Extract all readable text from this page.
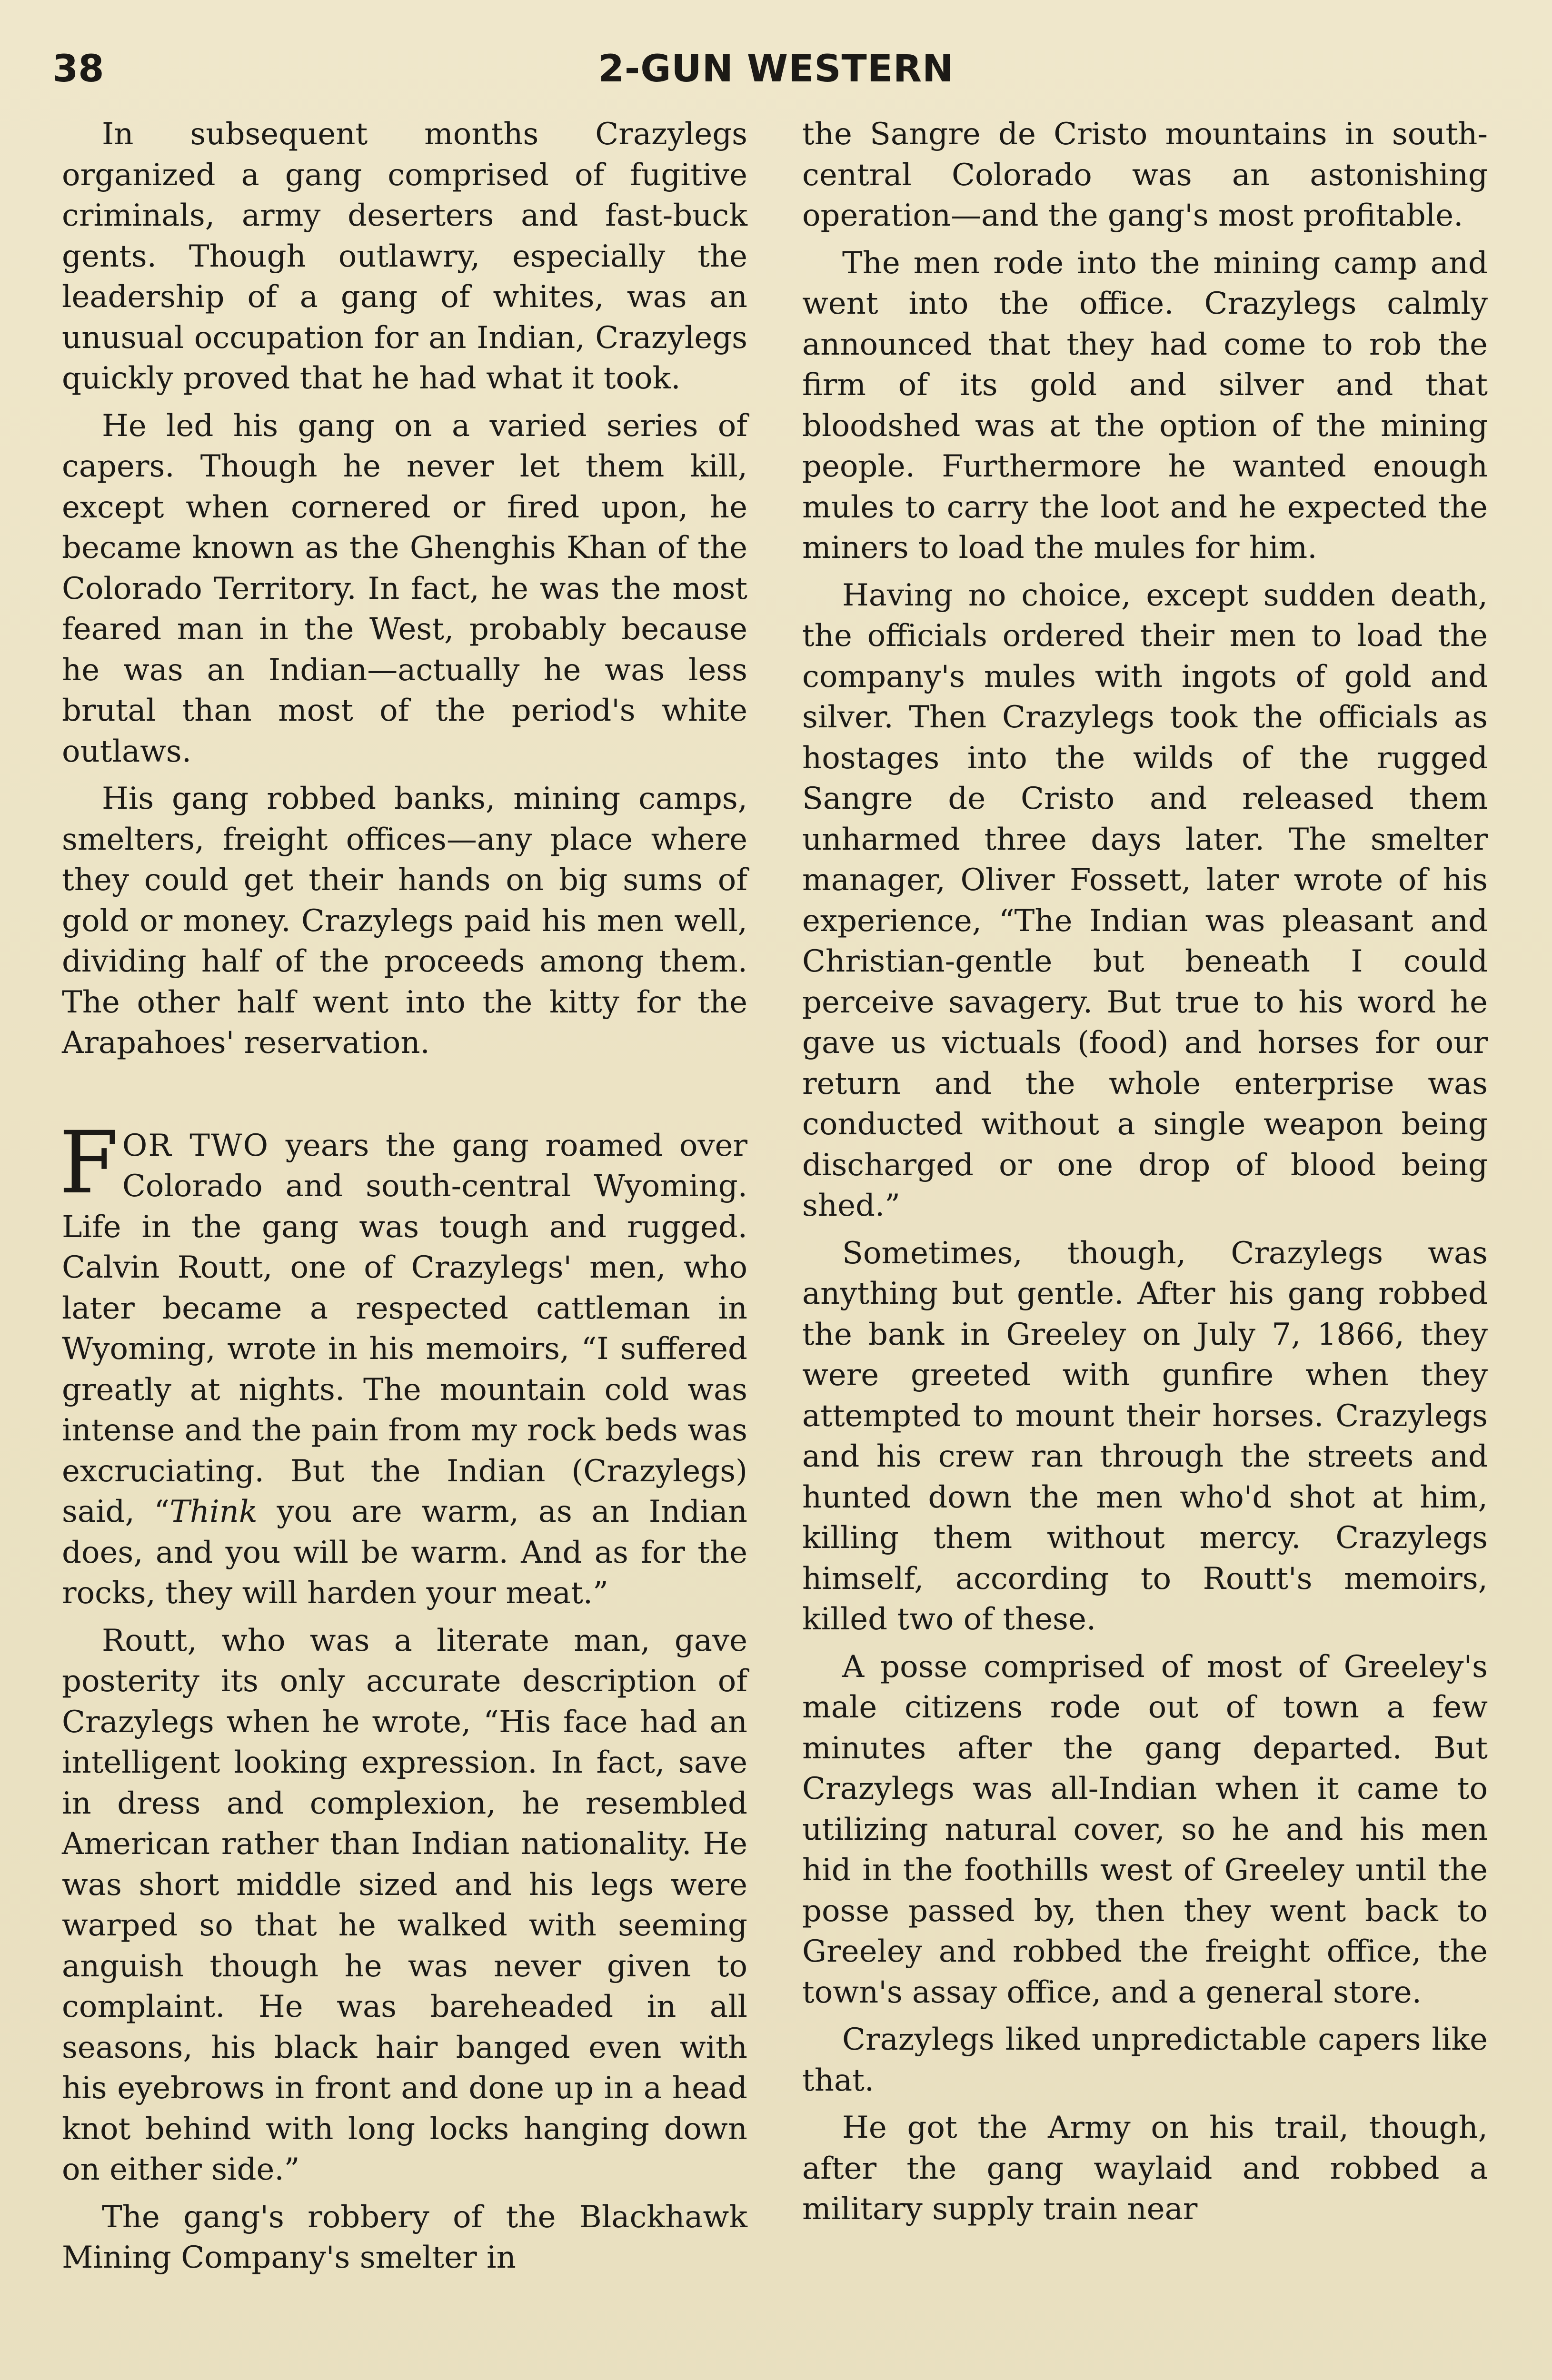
38	2-GUN WESTERN

In subsequent months Crazylegs organized a gang comprised of fugitive criminals, army deserters and fast-buck gents. Though outlawry, especially the leadership of a gang of whites, was an unusual occupation for an Indian, Crazylegs quickly proved that he had what it took.

He led his gang on a varied series of capers. Though he never let them kill, except when cornered or fired upon, he became known as the Ghenghis Khan of the Colorado Territory. In fact, he was the most feared man in the West, probably because he was an Indian—actually he was less brutal than most of the period's white outlaws.

His gang robbed banks, mining camps, smelters, freight offices—any place where they could get their hands on big sums of gold or money. Crazylegs paid his men well, dividing half of the proceeds among them. The other half went into the kitty for the Arapahoes' reservation.

FOR TWO years the gang roamed over Colorado and south-central Wyoming. Life in the gang was tough and rugged. Calvin Routt, one of Crazylegs' men, who later became a respected cattleman in Wyoming, wrote in his memoirs, “I suffered greatly at nights. The mountain cold was intense and the pain from my rock beds was excruciating. But the Indian (Crazylegs) said, “Think you are warm, as an Indian does, and you will be warm. And as for the rocks, they will harden your meat.”

Routt, who was a literate man, gave posterity its only accurate description of Crazylegs when he wrote, “His face had an intelligent looking expression. In fact, save in dress and complexion, he resembled American rather than Indian nationality. He was short middle sized and his legs were warped so that he walked with seeming anguish though he was never given to complaint. He was bareheaded in all seasons, his black hair banged even with his eyebrows in front and done up in a head knot behind with long locks hanging down on either side.”

The gang's robbery of the Blackhawk Mining Company's smelter in

the Sangre de Cristo mountains in south-central Colorado was an astonishing operation—and the gang's most profitable.

The men rode into the mining camp and went into the office. Crazylegs calmly announced that they had come to rob the firm of its gold and silver and that bloodshed was at the option of the mining people. Furthermore he wanted enough mules to carry the loot and he expected the miners to load the mules for him.

Having no choice, except sudden death, the officials ordered their men to load the company's mules with ingots of gold and silver. Then Crazylegs took the officials as hostages into the wilds of the rugged Sangre de Cristo and released them unharmed three days later. The smelter manager, Oliver Fossett, later wrote of his experience, “The Indian was pleasant and Christian-gentle but beneath I could perceive savagery. But true to his word he gave us victuals (food) and horses for our return and the whole enterprise was conducted without a single weapon being discharged or one drop of blood being shed.”

Sometimes, though, Crazylegs was anything but gentle. After his gang robbed the bank in Greeley on July 7, 1866, they were greeted with gunfire when they attempted to mount their horses. Crazylegs and his crew ran through the streets and hunted down the men who'd shot at him, killing them without mercy. Crazylegs himself, according to Routt's memoirs, killed two of these.

A posse comprised of most of Greeley's male citizens rode out of town a few minutes after the gang departed. But Crazylegs was all-Indian when it came to utilizing natural cover, so he and his men hid in the foothills west of Greeley until the posse passed by, then they went back to Greeley and robbed the freight office, the town's assay office, and a general store.

Crazylegs liked unpredictable capers like that.

He got the Army on his trail, though, after the gang waylaid and robbed a military supply train near
